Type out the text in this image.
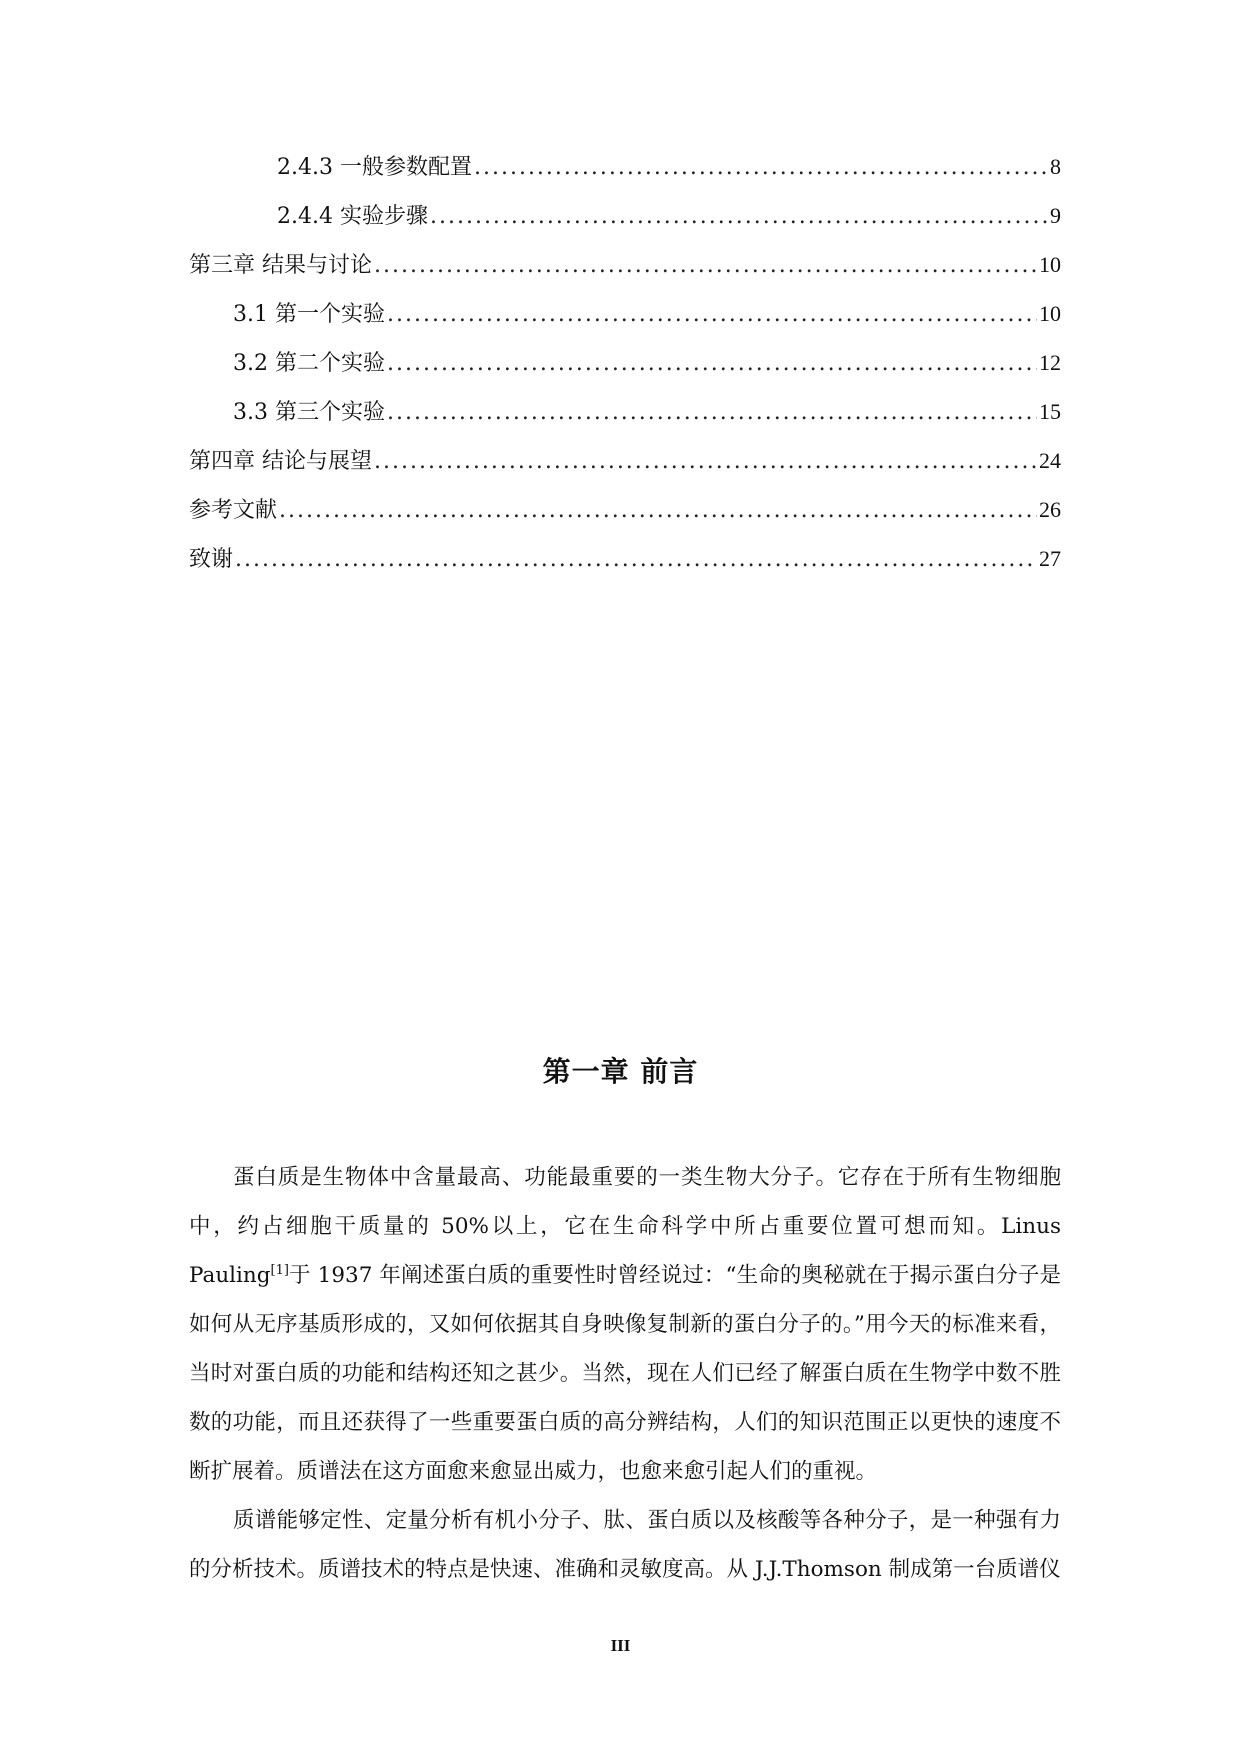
2.4.3 一般参数配置 .....	8
2.4.4 实验步骤 .....	9
第三章 结果与讨论 .....	10
3.1 第一个实验 .....	10
3.2 第二个实验 .....	12
3.3 第三个实验 .....	15
第四章 结论与展望 .....	24
参考文献 .....	26
致谢 .....	27
第一章 前言

蛋白质是生物体中含量最高、功能最重要的一类生物大分子。它存在于所有生物细胞中，约占细胞干质量的 50%以上，它在生命科学中所占重要位置可想而知。Linus Pauling[1]于 1937 年阐述蛋白质的重要性时曾经说过：“生命的奥秘就在于揭示蛋白分子是如何从无序基质形成的，又如何依据其自身映像复制新的蛋白分子的。”用今天的标准来看，当时对蛋白质的功能和结构还知之甚少。当然，现在人们已经了解蛋白质在生物学中数不胜数的功能，而且还获得了一些重要蛋白质的高分辨结构，人们的知识范围正以更快的速度不断扩展着。质谱法在这方面愈来愈显出威力，也愈来愈引起人们的重视。

质谱能够定性、定量分析有机小分子、肽、蛋白质以及核酸等各种分子，是一种强有力的分析技术。质谱技术的特点是快速、准确和灵敏度高。从 J.J.Thomson 制成第一台质谱仪

III
